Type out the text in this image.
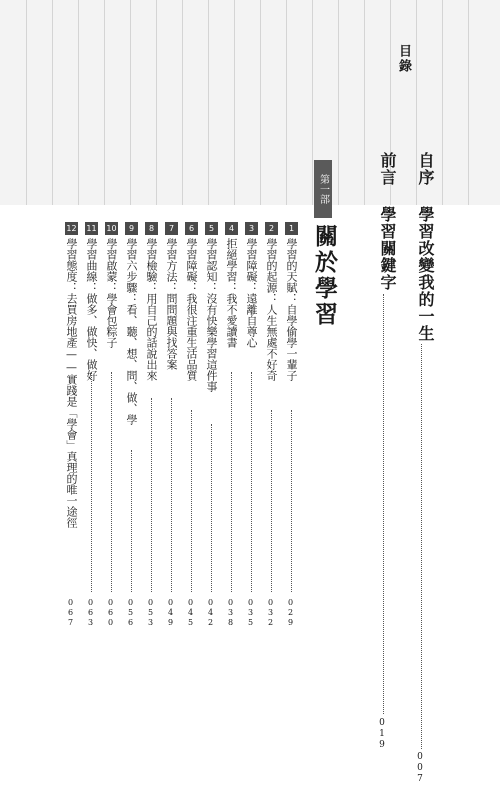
目錄
自序 學習改變我的一生
007
前言 學習關鍵字
019
第一部
關於學習
1
學習的天賦：自學偷學一輩子
029
2
學習的起源：人生無處不好奇
032
3
學習障礙：遠離自尊心
035
4
拒絕學習：我不愛讀書
038
5
學習認知：沒有快樂學習這件事
042
6
學習障礙：我很注重生活品質
045
7
學習方法：問問題與找答案
049
8
學習檢驗：用自己的話說出來
053
9
學習六步驟：看、聽、想、問、做、學
056
10
學習啟蒙：學會包粽子
060
11
學習曲線：做多、做快、做好
063
12
學習態度：去買房地產——實踐是「學會」真理的唯一途徑
067
